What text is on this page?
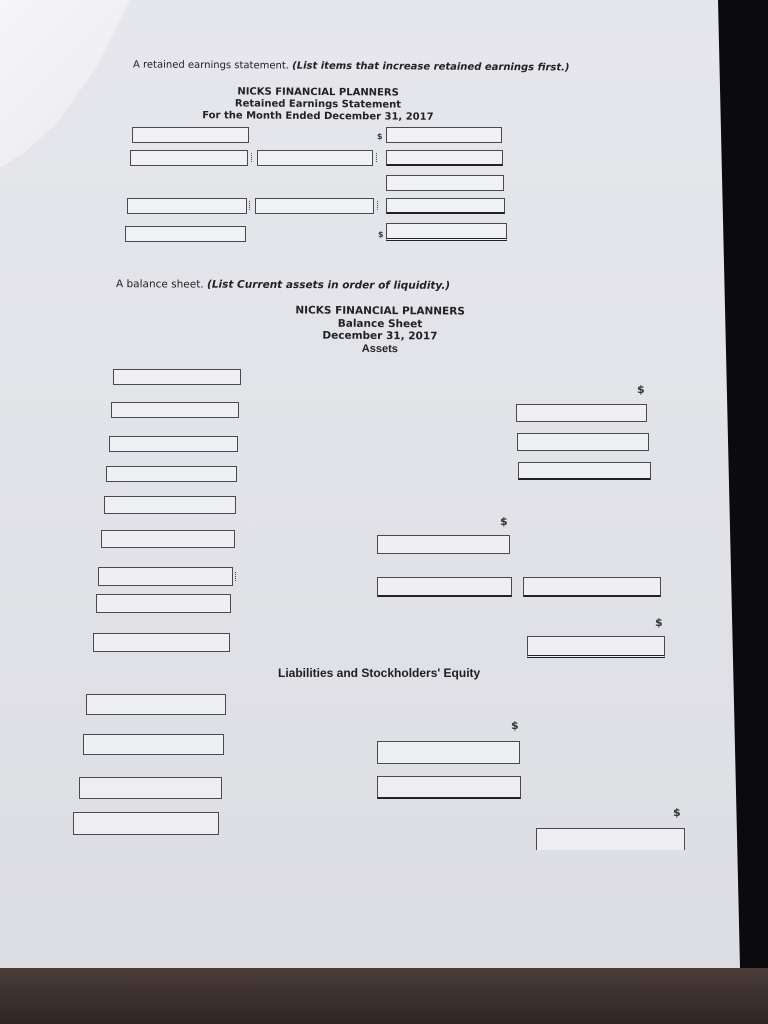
A retained earnings statement. (List items that increase retained earnings first.)

NICKS FINANCIAL PLANNERS
Retained Earnings Statement
For the Month Ended December 31, 2017
$
$

A balance sheet. (List Current assets in order of liquidity.)

NICKS FINANCIAL PLANNERS
Balance Sheet
December 31, 2017
Assets
$
$
$

Liabilities and Stockholders' Equity

$
$
